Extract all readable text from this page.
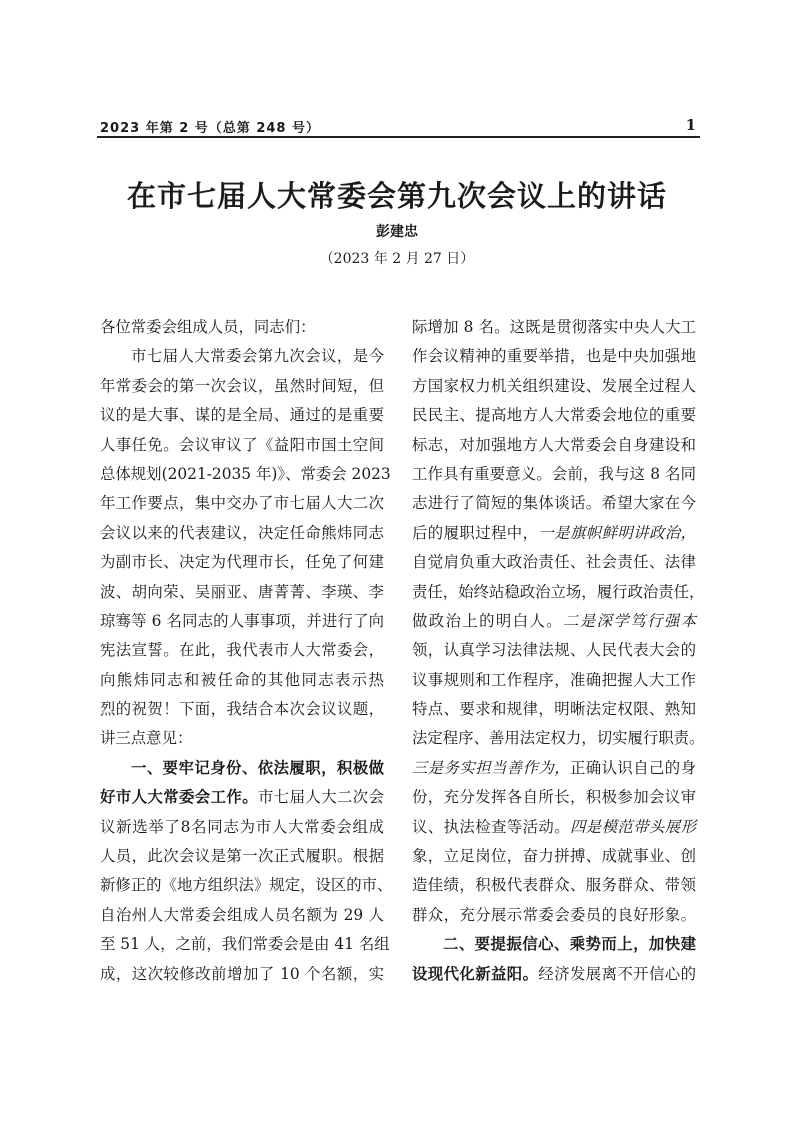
2023 年第 2 号（总第 248 号）	1
在市七届人大常委会第九次会议上的讲话
彭建忠
（2023 年 2 月 27 日）
各位常委会组成人员，同志们：
市七届人大常委会第九次会议，是今
年常委会的第一次会议，虽然时间短，但
议的是大事、谋的是全局、通过的是重要
人事任免。会议审议了《益阳市国土空间
总体规划(2021-2035 年)》、常委会 2023
年工作要点，集中交办了市七届人大二次
会议以来的代表建议，决定任命熊炜同志
为副市长、决定为代理市长，任免了何建
波、胡向荣、吴丽亚、唐菁菁、李瑛、李
琼骞等 6 名同志的人事事项，并进行了向
宪法宣誓。在此，我代表市人大常委会，
向熊炜同志和被任命的其他同志表示热
烈的祝贺！下面，我结合本次会议议题，
讲三点意见：
一、要牢记身份、依法履职，积极做
好市人大常委会工作。市七届人大二次会
议新选举了8名同志为市人大常委会组成
人员，此次会议是第一次正式履职。根据
新修正的《地方组织法》规定，设区的市、
自治州人大常委会组成人员名额为 29 人
至 51 人，之前，我们常委会是由 41 名组
成，这次较修改前增加了 10 个名额，实
际增加 8 名。这既是贯彻落实中央人大工
作会议精神的重要举措，也是中央加强地
方国家权力机关组织建设、发展全过程人
民民主、提高地方人大常委会地位的重要
标志，对加强地方人大常委会自身建设和
工作具有重要意义。会前，我与这 8 名同
志进行了简短的集体谈话。希望大家在今
后的履职过程中，一是旗帜鲜明讲政治，
自觉肩负重大政治责任、社会责任、法律
责任，始终站稳政治立场，履行政治责任，
做政治上的明白人。二是深学笃行强本
领，认真学习法律法规、人民代表大会的
议事规则和工作程序，准确把握人大工作
特点、要求和规律，明晰法定权限、熟知
法定程序、善用法定权力，切实履行职责。
三是务实担当善作为，正确认识自己的身
份，充分发挥各自所长，积极参加会议审
议、执法检查等活动。四是模范带头展形
象，立足岗位，奋力拼搏、成就事业、创
造佳绩，积极代表群众、服务群众、带领
群众，充分展示常委会委员的良好形象。
二、要提振信心、乘势而上，加快建
设现代化新益阳。经济发展离不开信心的
